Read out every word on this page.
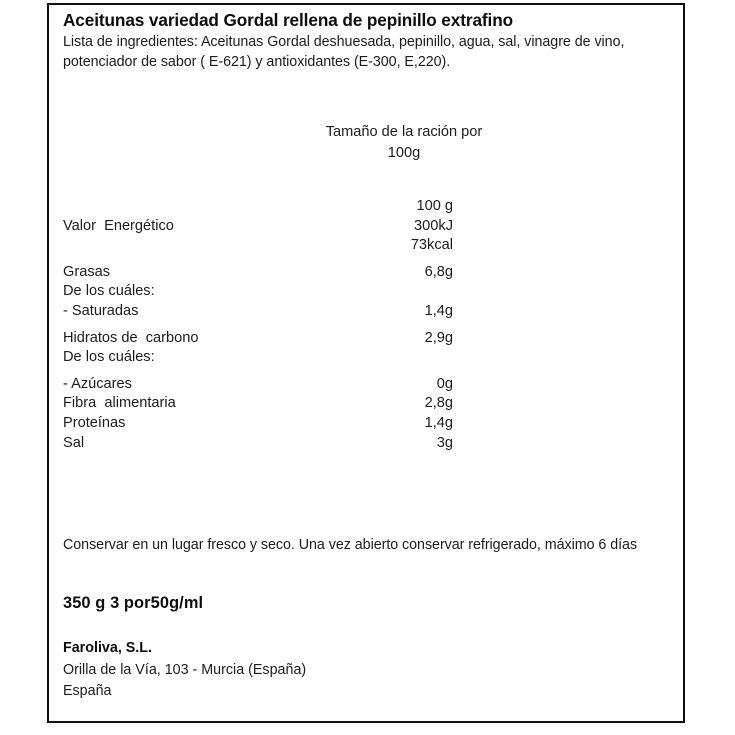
Aceitunas variedad Gordal rellena de pepinillo extrafino
Lista de ingredientes: Aceitunas Gordal deshuesada, pepinillo, agua, sal, vinagre de vino, potenciador de sabor ( E-621) y antioxidantes (E-300, E,220).
Tamaño de la ración por
100g
	100 g
Valor  Energético	300kJ
	73kcal

Grasas	6,8g
De los cuáles:	
- Saturadas	1,4g

Hidratos de  carbono	2,9g
De los cuáles:	

- Azúcares	0g
Fibra  alimentaria	2,8g
Proteínas	1,4g
Sal	3g
Conservar en un lugar fresco y seco. Una vez abierto conservar refrigerado, máximo 6 días
350 g 3 por50g/ml
Faroliva, S.L.
Orilla de la Vía, 103 - Murcia (España)
España
